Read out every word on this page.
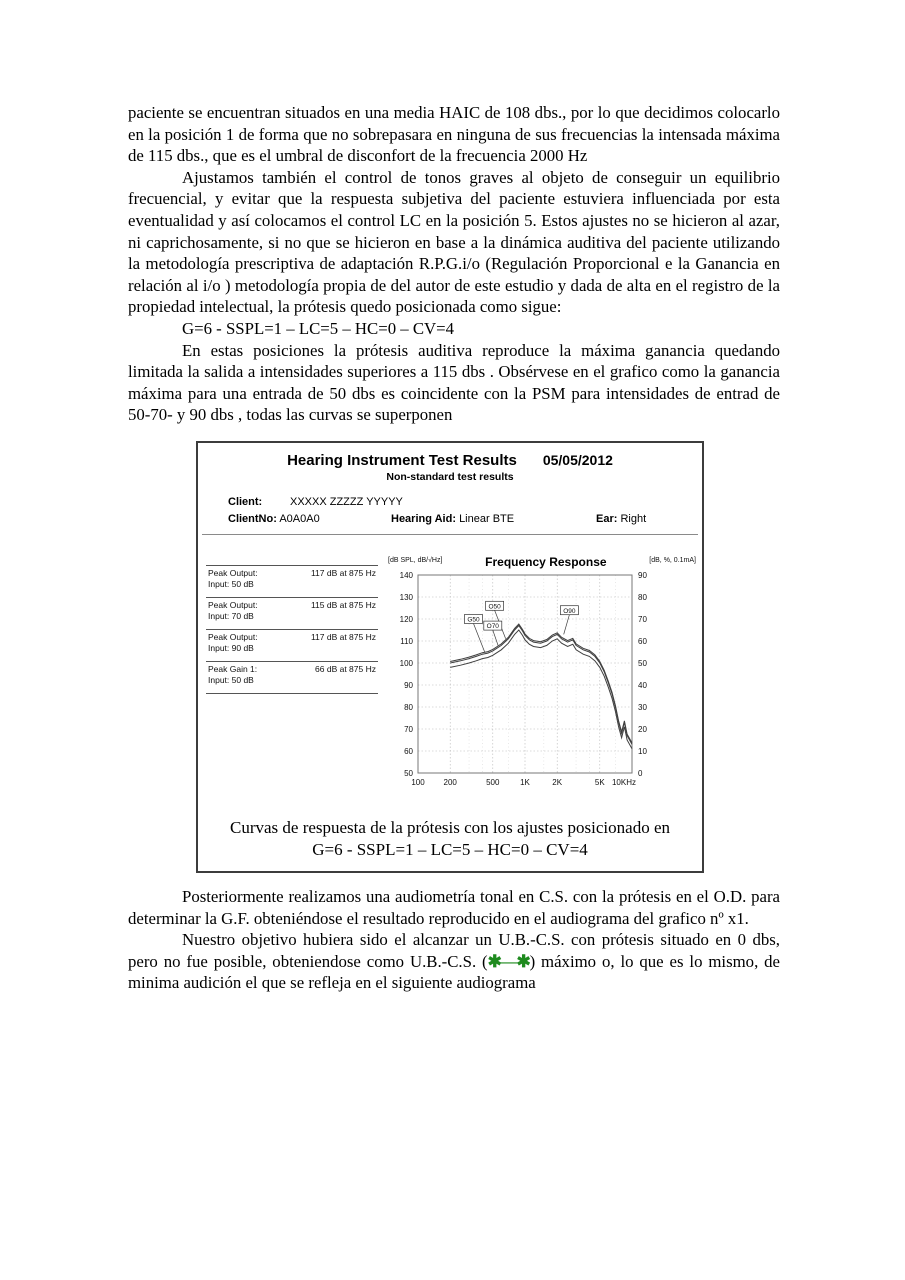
paciente se encuentran situados en una media HAIC de 108 dbs., por lo que decidimos colocarlo en la posición 1 de forma que no sobrepasara en ninguna de sus frecuencias la intensada máxima de 115 dbs., que es el umbral de disconfort de la frecuencia 2000 Hz

Ajustamos también el control de tonos graves al objeto de conseguir un equilibrio frecuencial, y evitar que la respuesta subjetiva del paciente estuviera influenciada por esta eventualidad y así colocamos el control LC en la posición 5. Estos ajustes no se hicieron al azar, ni caprichosamente, si no que se hicieron en base a la dinámica auditiva del paciente utilizando la metodología prescriptiva de adaptación R.P.G.i/o (Regulación Proporcional e la Ganancia en relación al i/o ) metodología propia de del autor de este estudio y dada de alta en el registro de la propiedad intelectual, la prótesis quedo posicionada como sigue:

G=6 - SSPL=1 – LC=5 – HC=0 – CV=4

En estas posiciones la prótesis auditiva reproduce la máxima ganancia quedando limitada la salida a intensidades superiores a 115 dbs . Obsérvese en el grafico como la ganancia máxima para una entrada de 50 dbs es coincidente con la PSM para intensidades de entrad de 50-70- y 90 dbs , todas las curvas se superponen

Hearing Instrument Test Results 05/05/2012
Non-standard test results
Client:	XXXXX ZZZZZ YYYYY
ClientNo: A0A0A0	Hearing Aid: Linear BTE	Ear: Right
Peak Output:	117 dB at 875 Hz
Input: 50 dB
Peak Output:	115 dB at 875 Hz
Input: 70 dB
Peak Output:	117 dB at 875 Hz
Input: 90 dB
Peak Gain 1:	66 dB at 875 Hz
Input: 50 dB
[dB SPL, dB/√Hz]	Frequency Response	[dB, %, 0.1mA]
140	90
130	80
120	70
110	60
100	50
90	40
80	30
70	20
60	10
50	0
100 200	500	1K	2K	5K 10KHz
O50
G50
O70
O90
Curvas de respuesta de la prótesis con los ajustes posicionado en
G=6 - SSPL=1 – LC=5 – HC=0 – CV=4

Posteriormente realizamos una audiometría tonal en C.S. con la prótesis en el O.D. para determinar la G.F. obteniéndose el resultado reproducido en el audiograma del grafico nº x1.

Nuestro objetivo hubiera sido el alcanzar un U.B.-C.S. con prótesis situado en 0 dbs, pero no fue posible, obteniendose como U.B.-C.S. (✱—✱) máximo o, lo que es lo mismo, de minima audición el que se refleja en el siguiente audiograma
